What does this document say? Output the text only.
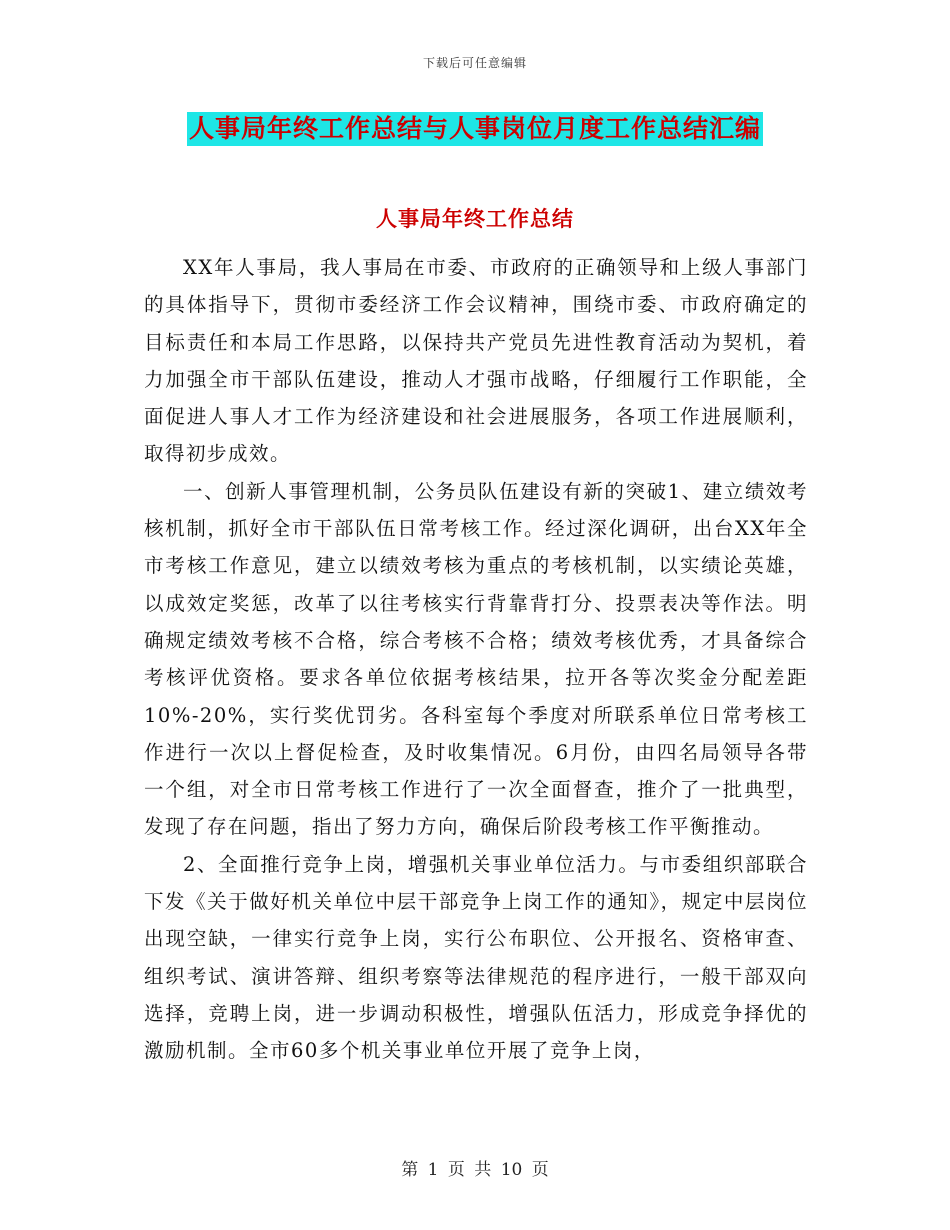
下载后可任意编辑
人事局年终工作总结与人事岗位月度工作总结汇编
人事局年终工作总结

XX年人事局，我人事局在市委、市政府的正确领导和上级人事部门的具体指导下，贯彻市委经济工作会议精神，围绕市委、市政府确定的目标责任和本局工作思路，以保持共产党员先进性教育活动为契机，着力加强全市干部队伍建设，推动人才强市战略，仔细履行工作职能，全面促进人事人才工作为经济建设和社会进展服务，各项工作进展顺利，取得初步成效。

一、创新人事管理机制，公务员队伍建设有新的突破1、建立绩效考核机制，抓好全市干部队伍日常考核工作。经过深化调研，出台XX年全市考核工作意见，建立以绩效考核为重点的考核机制，以实绩论英雄，以成效定奖惩，改革了以往考核实行背靠背打分、投票表决等作法。明确规定绩效考核不合格，综合考核不合格；绩效考核优秀，才具备综合考核评优资格。要求各单位依据考核结果，拉开各等次奖金分配差距10%-20%，实行奖优罚劣。各科室每个季度对所联系单位日常考核工作进行一次以上督促检查，及时收集情况。6月份，由四名局领导各带一个组，对全市日常考核工作进行了一次全面督查，推介了一批典型，发现了存在问题，指出了努力方向，确保后阶段考核工作平衡推动。

2、全面推行竞争上岗，增强机关事业单位活力。与市委组织部联合下发《关于做好机关单位中层干部竞争上岗工作的通知》，规定中层岗位出现空缺，一律实行竞争上岗，实行公布职位、公开报名、资格审查、组织考试、演讲答辩、组织考察等法律规范的程序进行，一般干部双向选择，竞聘上岗，进一步调动积极性，增强队伍活力，形成竞争择优的激励机制。全市60多个机关事业单位开展了竞争上岗，

第 1 页 共 10 页
